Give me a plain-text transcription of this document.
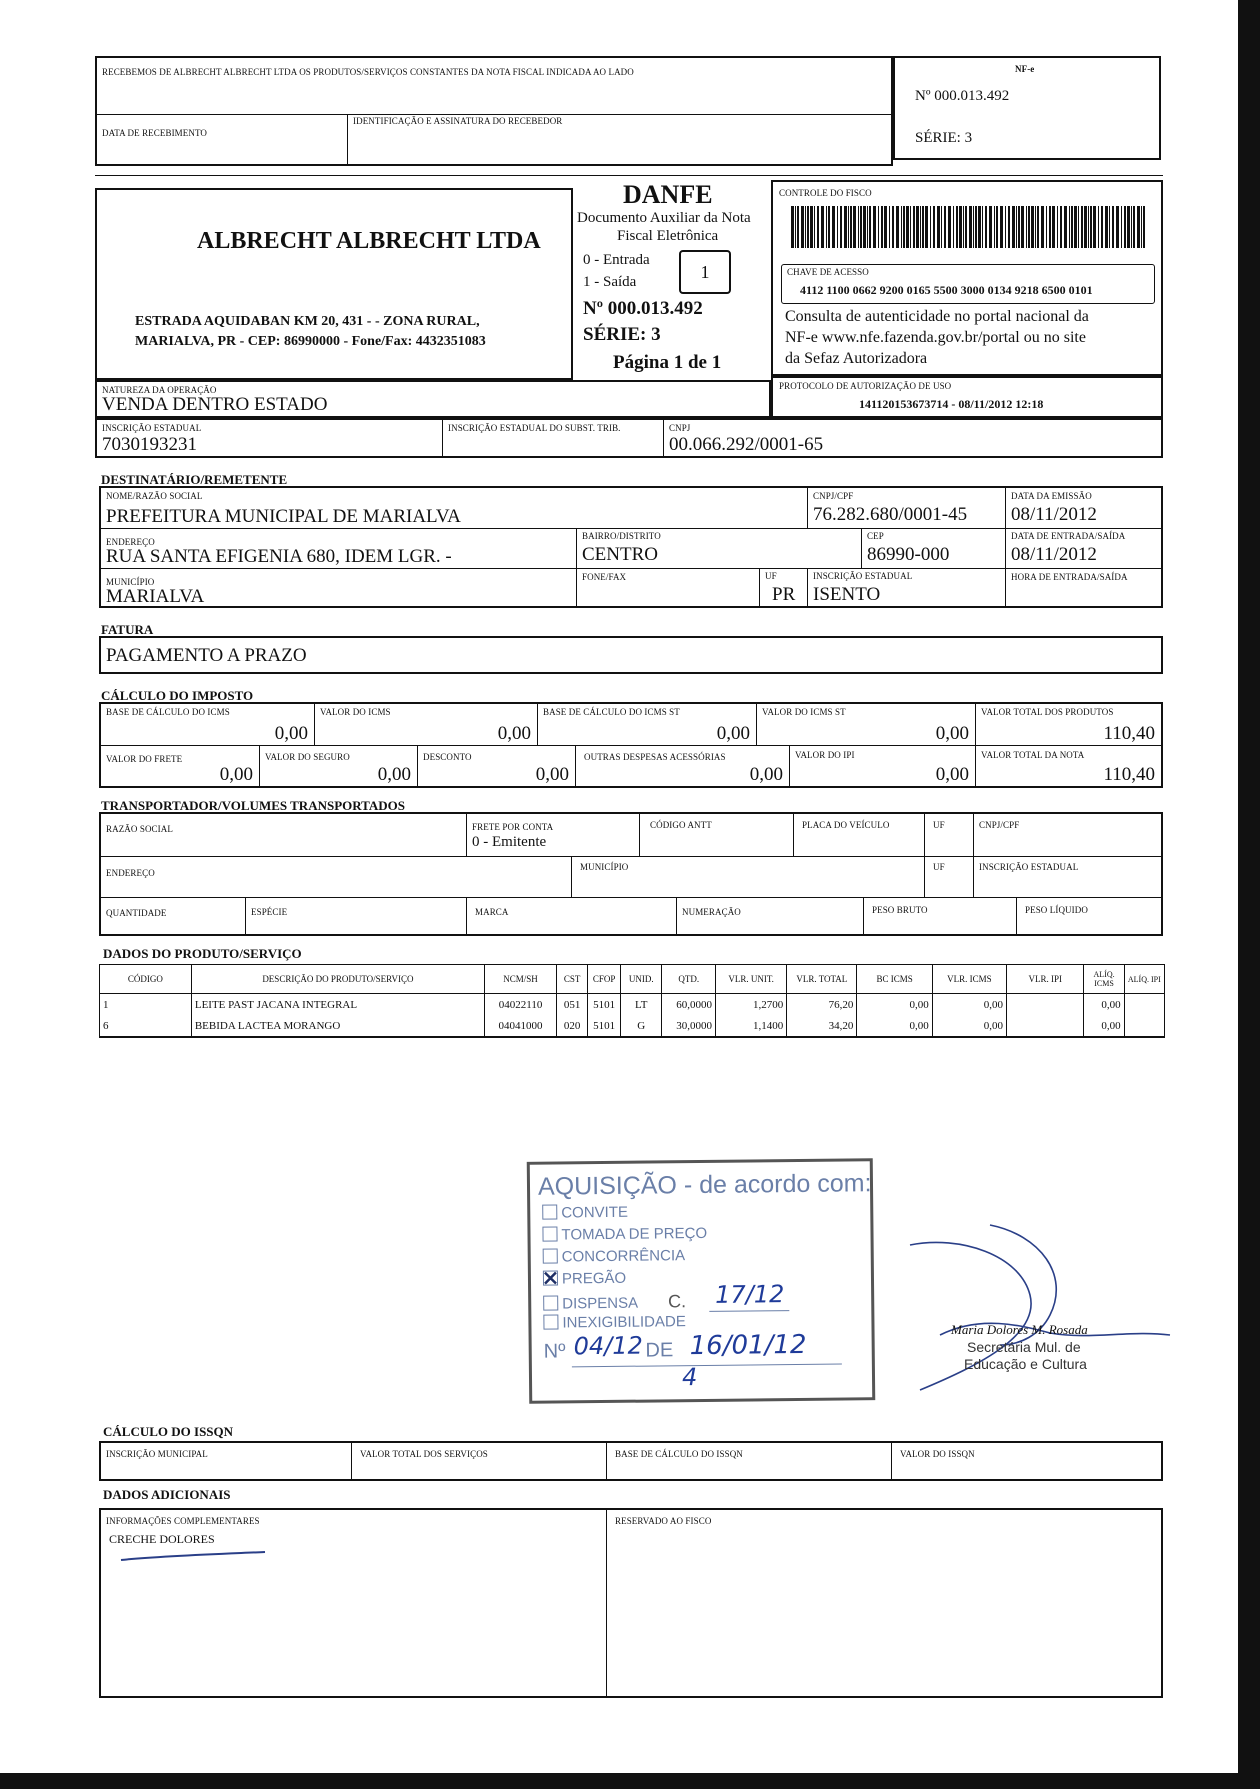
RECEBEMOS DE ALBRECHT ALBRECHT LTDA OS PRODUTOS/SERVIÇOS CONSTANTES DA NOTA FISCAL INDICADA AO LADO
DATA DE RECEBIMENTO
IDENTIFICAÇÃO E ASSINATURA DO RECEBEDOR
NF-e
Nº 000.013.492
SÉRIE: 3
ALBRECHT ALBRECHT LTDA
ESTRADA AQUIDABAN KM 20, 431 - - ZONA RURAL,
MARIALVA, PR - CEP: 86990000 - Fone/Fax: 4432351083
DANFE
Documento Auxiliar da Nota
Fiscal Eletrônica
0 - Entrada
1 - Saída	1
Nº 000.013.492
SÉRIE: 3
Página 1 de 1
CONTROLE DO FISCO
CHAVE DE ACESSO
4112 1100 0662 9200 0165 5500 3000 0134 9218 6500 0101
Consulta de autenticidade no portal nacional da
NF-e www.nfe.fazenda.gov.br/portal ou no site
da Sefaz Autorizadora
NATUREZA DA OPERAÇÃO
VENDA DENTRO ESTADO
PROTOCOLO DE AUTORIZAÇÃO DE USO
141120153673714 - 08/11/2012 12:18
INSCRIÇÃO ESTADUAL
7030193231
INSCRIÇÃO ESTADUAL DO SUBST. TRIB.	CNPJ
00.066.292/0001-65
DESTINATÁRIO/REMETENTE
NOME/RAZÃO SOCIAL
PREFEITURA MUNICIPAL DE MARIALVA
CNPJ/CPF
76.282.680/0001-45
DATA DA EMISSÃO
08/11/2012
ENDEREÇO
RUA SANTA EFIGENIA 680, IDEM LGR. -
BAIRRO/DISTRITO
CENTRO
FONE/FAX
CEP
86990-000
DATA DE ENTRADA/SAÍDA
08/11/2012
HORA DE ENTRADA/SAÍDA
MUNICÍPIO
MARIALVA
UF
PR
INSCRIÇÃO ESTADUAL
ISENTO
FATURA
PAGAMENTO A PRAZO
CÁLCULO DO IMPOSTO
BASE DE CÁLCULO DO ICMS
0,00
VALOR DO ICMS
0,00
BASE DE CÁLCULO DO ICMS ST
0,00
VALOR DO ICMS ST
0,00
VALOR TOTAL DOS PRODUTOS
110,40
VALOR DO FRETE
0,00
VALOR DO SEGURO
0,00
DESCONTO
0,00
OUTRAS DESPESAS ACESSÓRIAS
0,00
VALOR DO IPI
0,00
VALOR TOTAL DA NOTA
110,40
TRANSPORTADOR/VOLUMES TRANSPORTADOS
RAZÃO SOCIAL	FRETE POR CONTA
0 - Emitente
CÓDIGO ANTT	PLACA DO VEÍCULO	UF
UF
CNPJ/CPF
INSCRIÇÃO ESTADUAL
ENDEREÇO
MUNICÍPIO
QUANTIDADE	ESPÉCIE	MARCA	NUMERAÇÃO	PESO BRUTO	PESO LÍQUIDO
DADOS DO PRODUTO/SERVIÇO
CÓDIGO	DESCRIÇÃO DO PRODUTO/SERVIÇO	NCM/SH	CST	CFOP	UNID.	QTD.	VLR. UNIT.	VLR. TOTAL	BC ICMS	VLR. ICMS	VLR. IPI	ALÍQ. ICMS	ALÍQ. IPI
1	LEITE PAST JACANA INTEGRAL	04022110	051	5101	LT	60,0000	1,2700	76,20	0,00	0,00		0,00	
6	BEBIDA LACTEA MORANGO	04041000	020	5101	G	30,0000	1,1400	34,20	0,00	0,00		0,00	
AQUISIÇÃO - de acordo com:
CONVITE
TOMADA DE PREÇO
CONCORRÊNCIA
PREGÃO
DISPENSA C. 17/12
INEXIGIBILIDADE
Nº	DE
04/12 16/01/12
4
Maria Dolores M. Rosada
Secretária Mul. de
Educação e Cultura
CÁLCULO DO ISSQN
INSCRIÇÃO MUNICIPAL	VALOR TOTAL DOS SERVIÇOS	BASE DE CÁLCULO DO ISSQN	VALOR DO ISSQN
DADOS ADICIONAIS
INFORMAÇÕES COMPLEMENTARES
CRECHE DOLORES
RESERVADO AO FISCO
